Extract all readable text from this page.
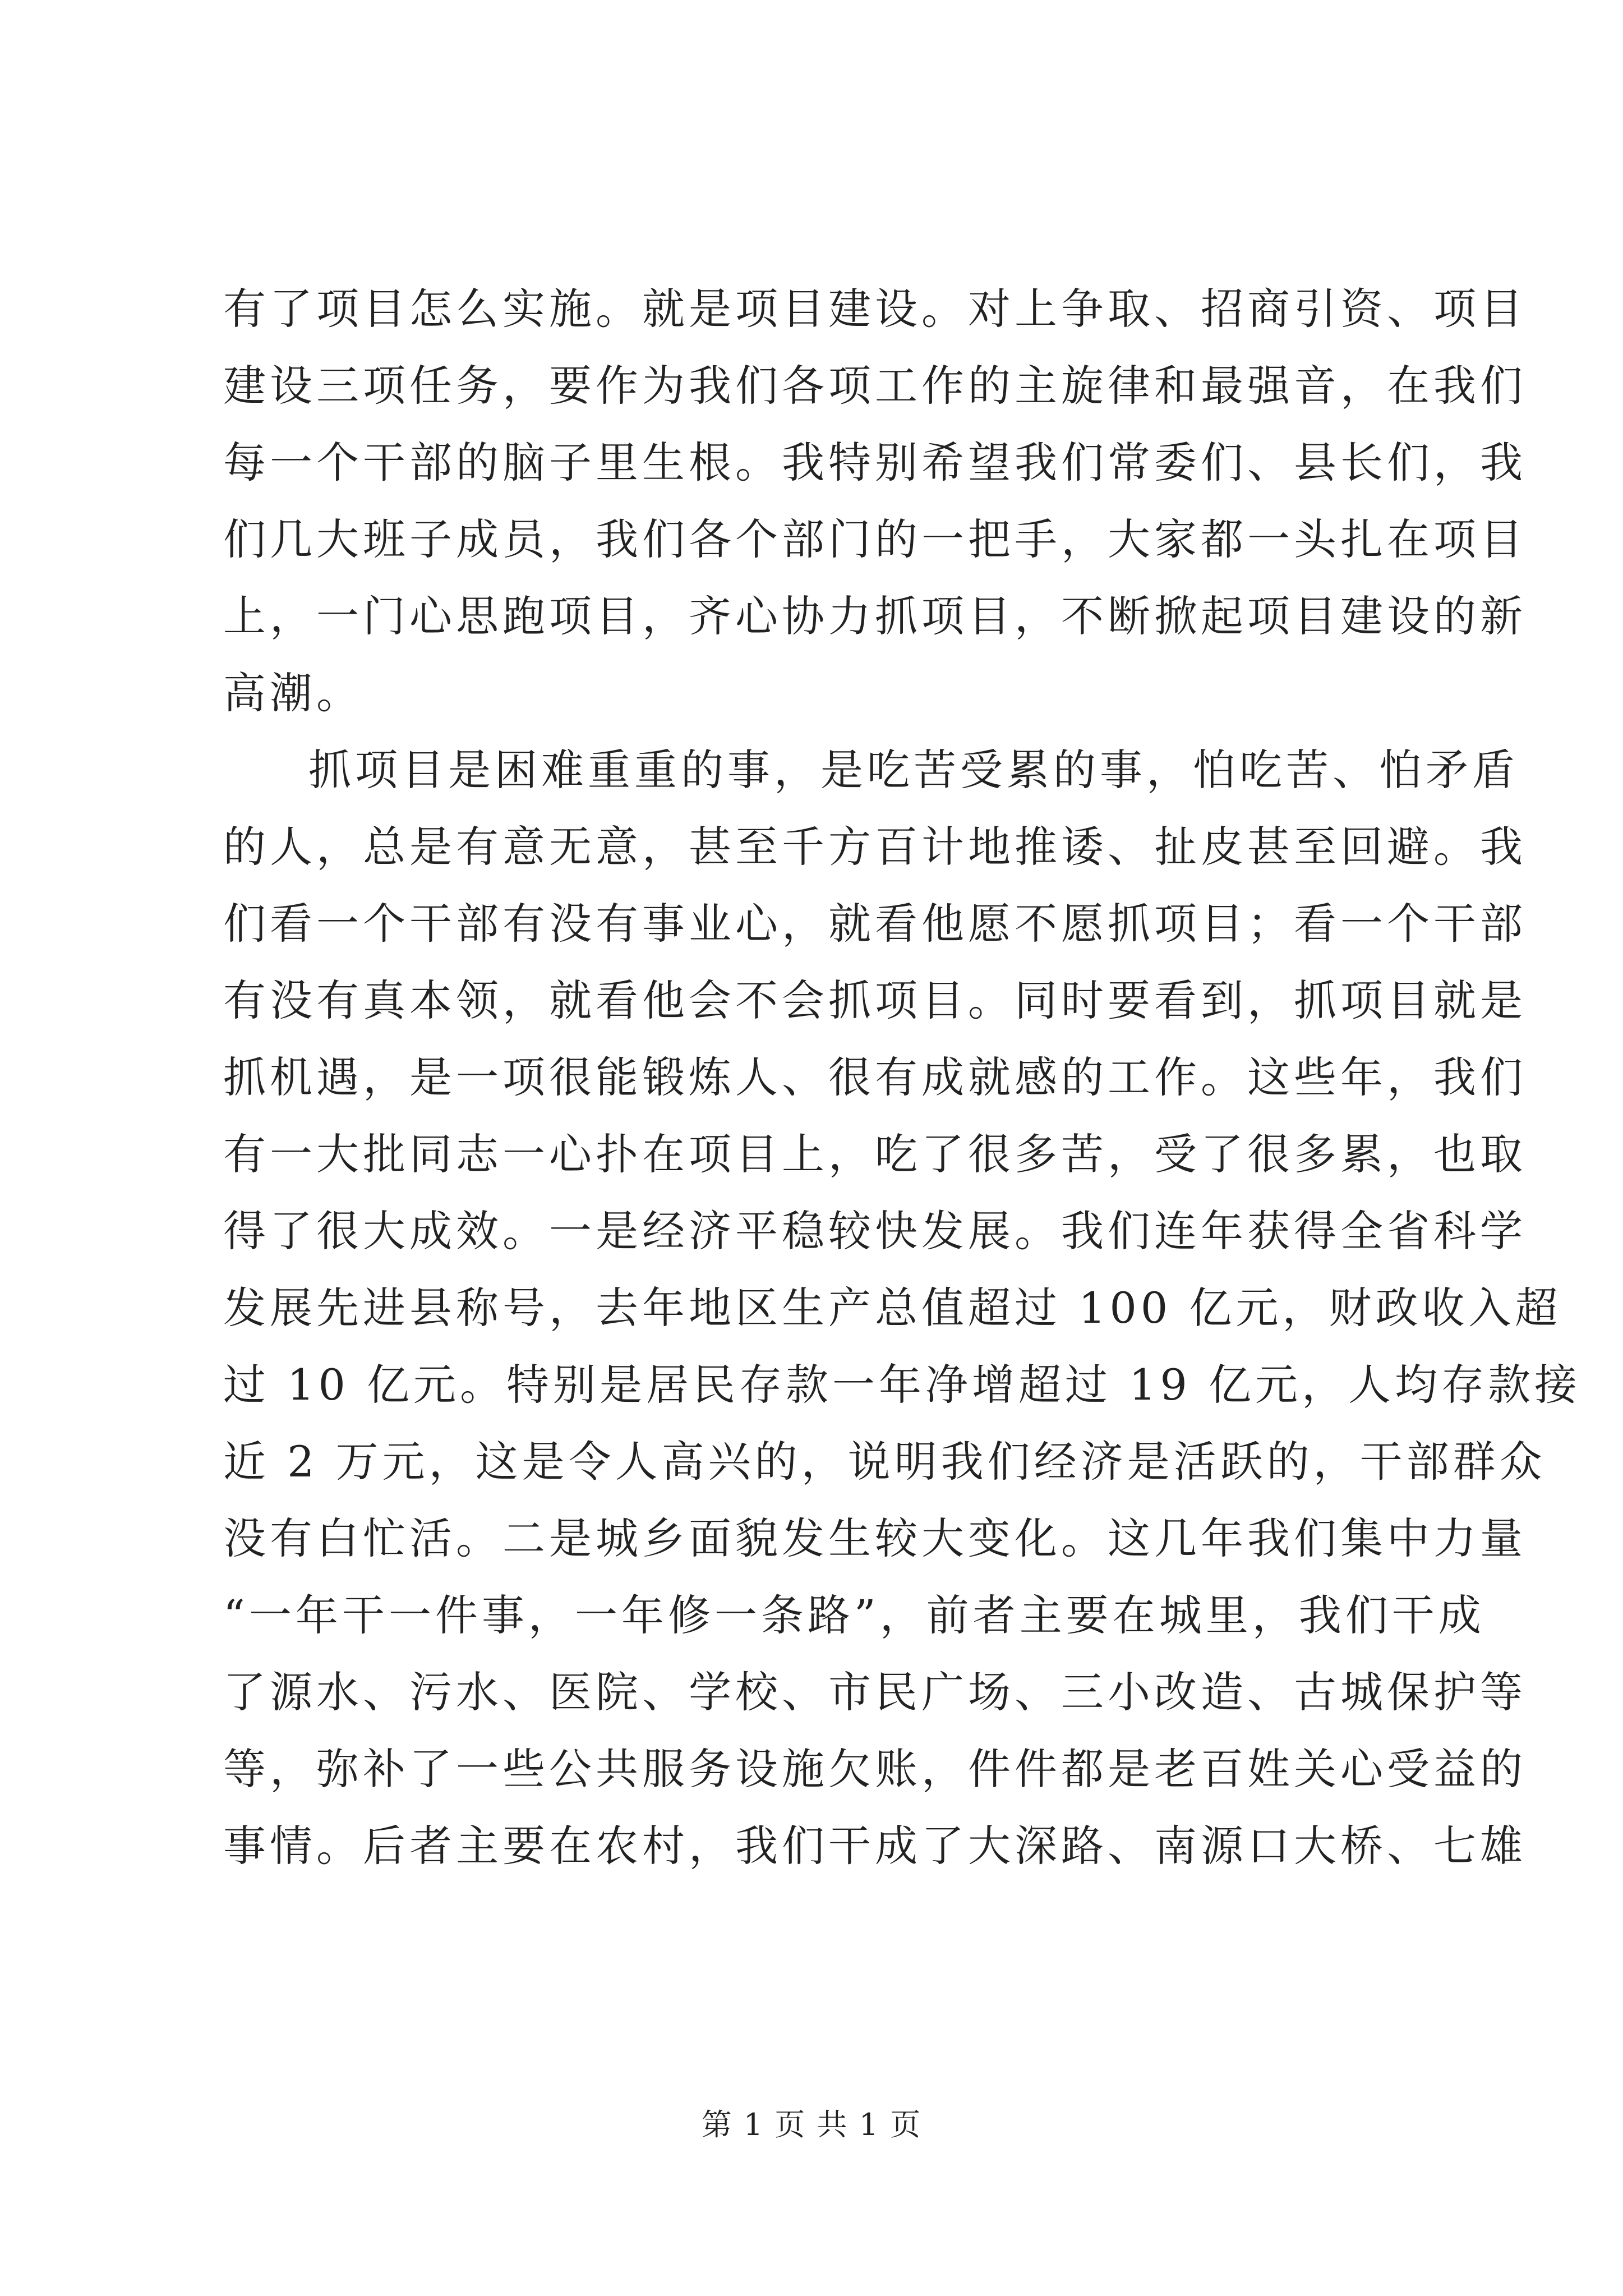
有了项目怎么实施。就是项目建设。对上争取、招商引资、项目
建设三项任务，要作为我们各项工作的主旋律和最强音，在我们
每一个干部的脑子里生根。我特别希望我们常委们、县长们，我
们几大班子成员，我们各个部门的一把手，大家都一头扎在项目
上，一门心思跑项目，齐心协力抓项目，不断掀起项目建设的新
高潮。
抓项目是困难重重的事，是吃苦受累的事，怕吃苦、怕矛盾
的人，总是有意无意，甚至千方百计地推诿、扯皮甚至回避。我
们看一个干部有没有事业心，就看他愿不愿抓项目；看一个干部
有没有真本领，就看他会不会抓项目。同时要看到，抓项目就是
抓机遇，是一项很能锻炼人、很有成就感的工作。这些年，我们
有一大批同志一心扑在项目上，吃了很多苦，受了很多累，也取
得了很大成效。一是经济平稳较快发展。我们连年获得全省科学
发展先进县称号，去年地区生产总值超过 100 亿元，财政收入超
过 10 亿元。特别是居民存款一年净增超过 19 亿元，人均存款接
近 2 万元，这是令人高兴的，说明我们经济是活跃的，干部群众
没有白忙活。二是城乡面貌发生较大变化。这几年我们集中力量
“一年干一件事，一年修一条路”，前者主要在城里，我们干成
了源水、污水、医院、学校、市民广场、三小改造、古城保护等
等，弥补了一些公共服务设施欠账，件件都是老百姓关心受益的
事情。后者主要在农村，我们干成了大深路、南源口大桥、七雄
第 1 页 共 1 页
